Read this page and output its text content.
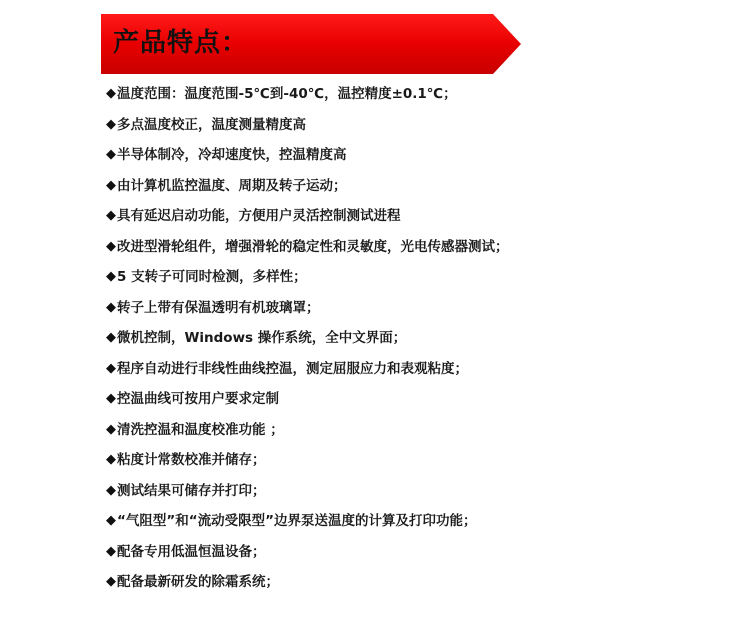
产品特点：
◆ 温度范围：温度范围-5℃到-40℃，温控精度±0.1℃；
◆ 多点温度校正，温度测量精度高
◆ 半导体制冷，冷却速度快，控温精度高
◆ 由计算机监控温度、周期及转子运动；
◆ 具有延迟启动功能，方便用户灵活控制测试进程
◆ 改进型滑轮组件，增强滑轮的稳定性和灵敏度，光电传感器测试；
◆ 5 支转子可同时检测，多样性；
◆ 转子上带有保温透明有机玻璃罩；
◆ 微机控制，Windows 操作系统，全中文界面；
◆ 程序自动进行非线性曲线控温，测定屈服应力和表观粘度；
◆ 控温曲线可按用户要求定制
◆ 清洗控温和温度校准功能 ；
◆ 粘度计常数校准并储存；
◆ 测试结果可储存并打印；
◆ “气阻型”和“流动受限型”边界泵送温度的计算及打印功能；
◆ 配备专用低温恒温设备；
◆ 配备最新研发的除霜系统；
